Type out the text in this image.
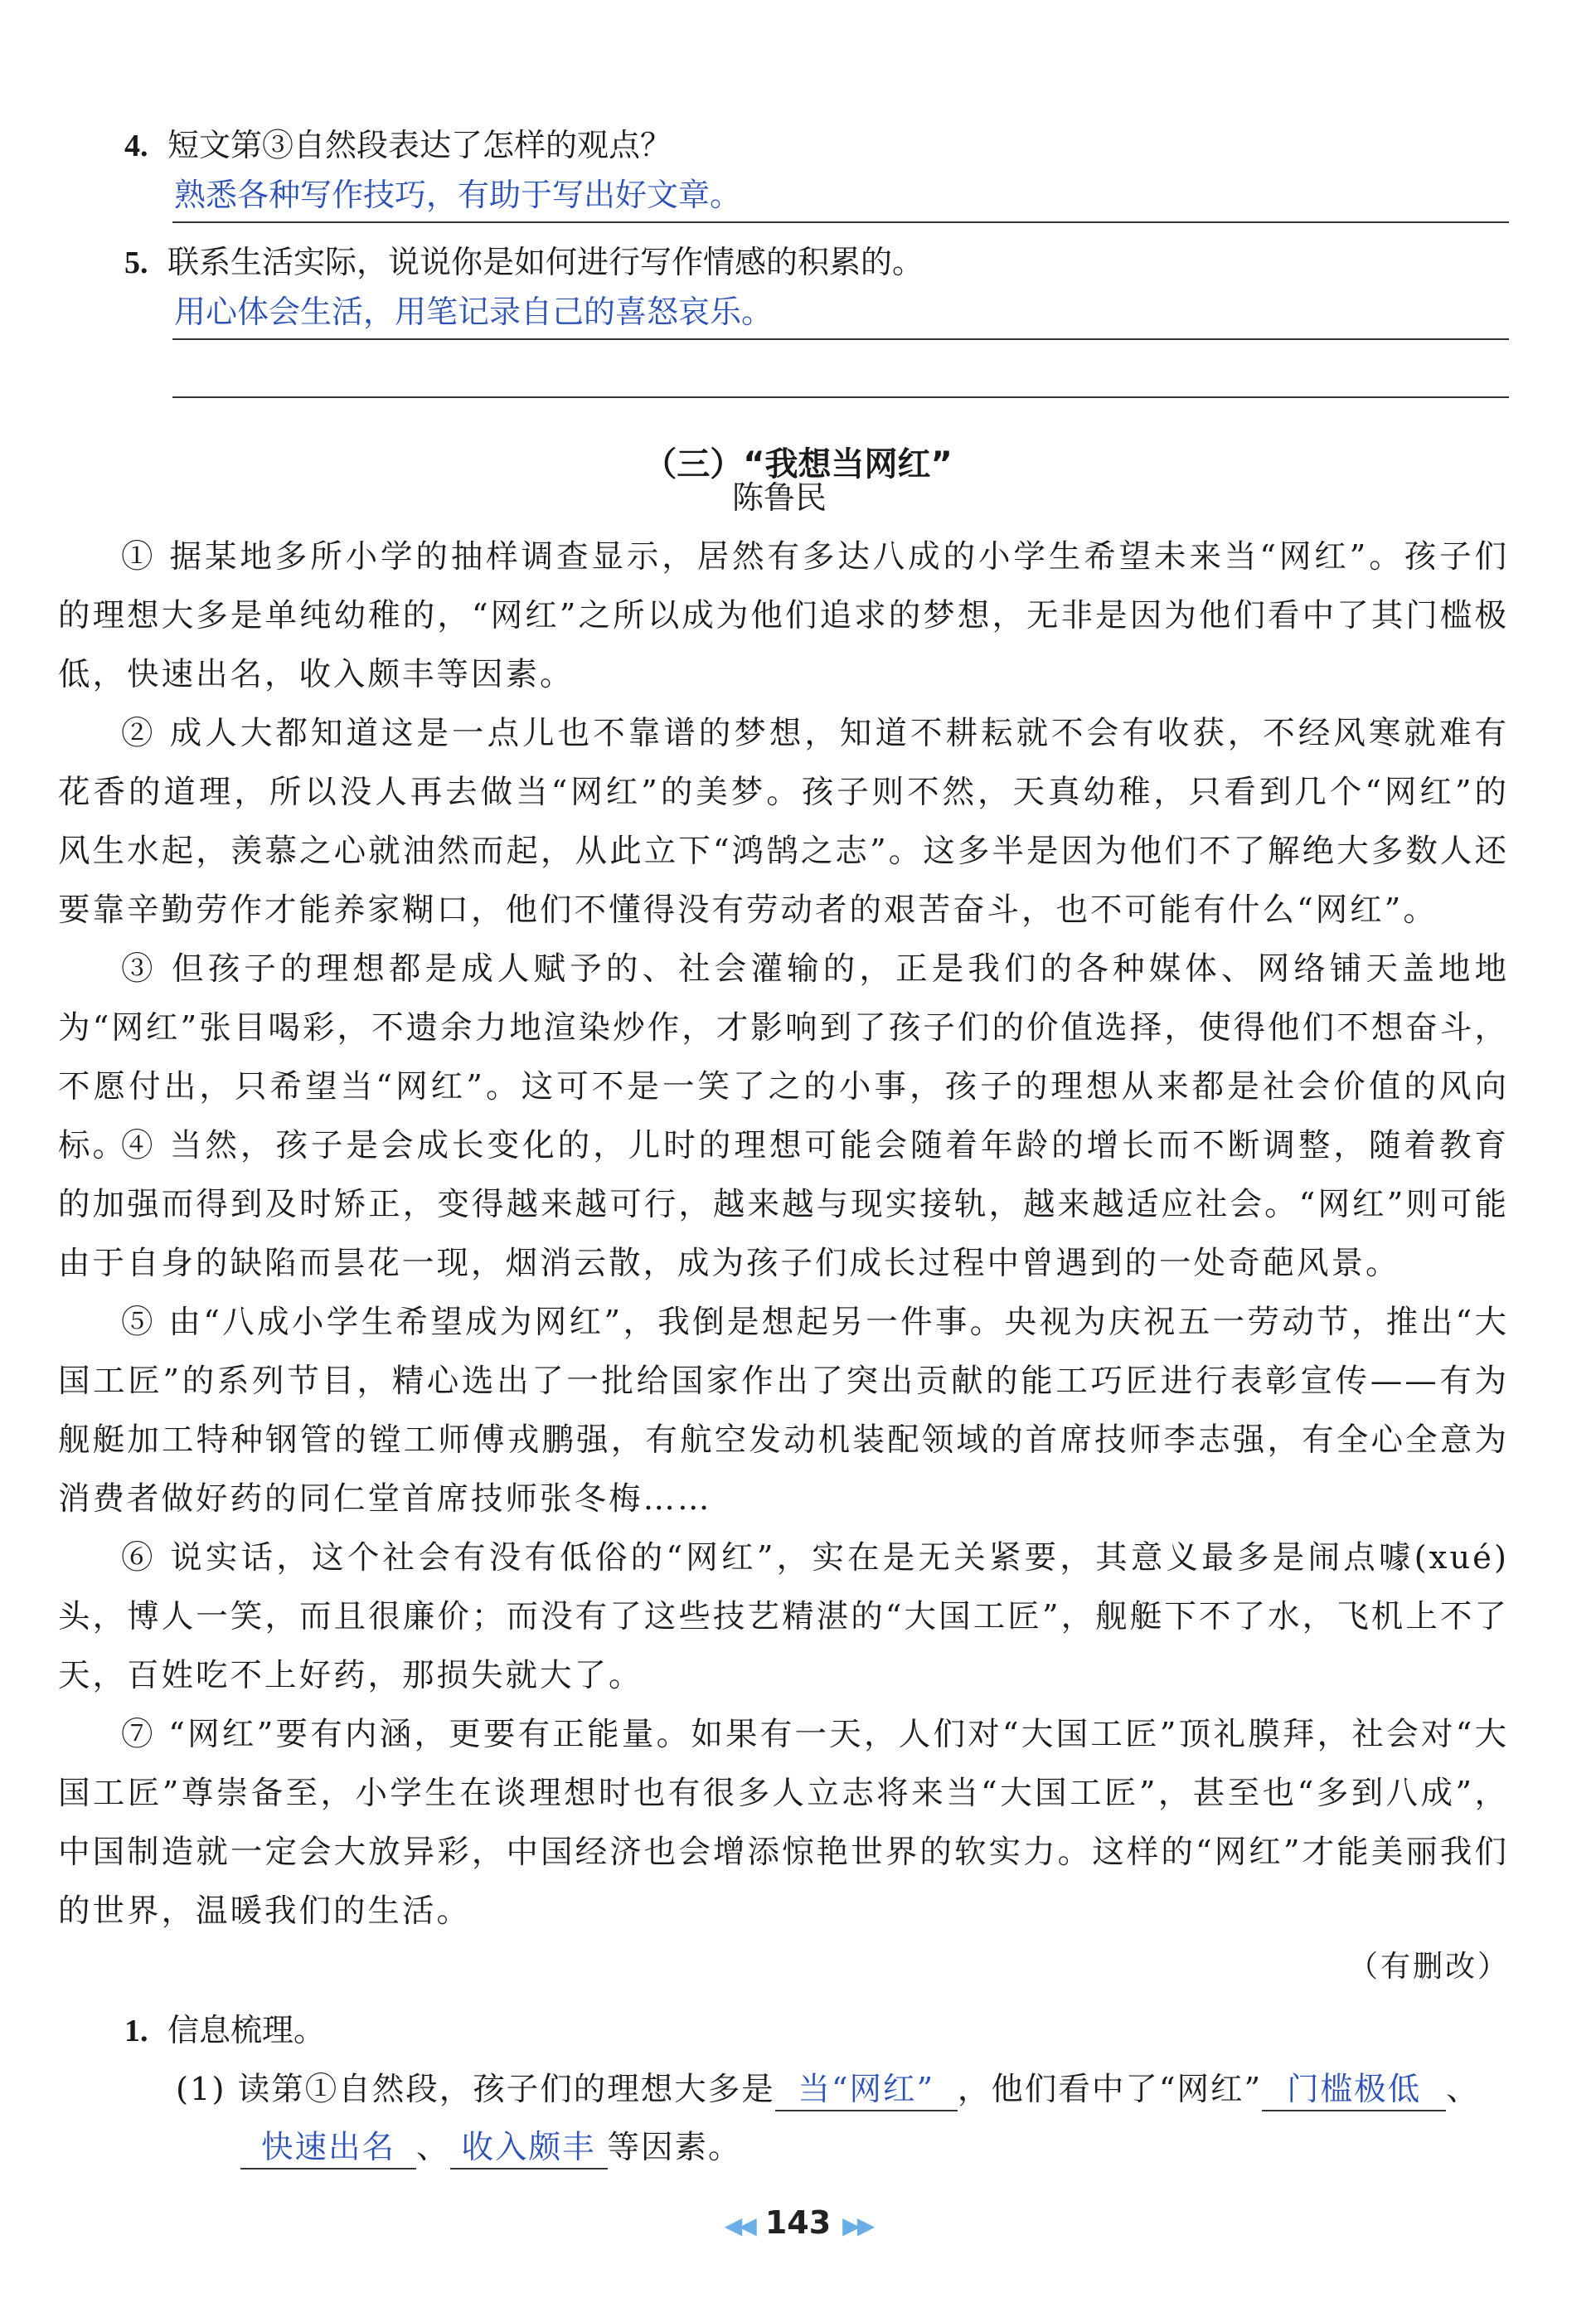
4. 短文第③自然段表达了怎样的观点？
熟悉各种写作技巧，有助于写出好文章。
5. 联系生活实际，说说你是如何进行写作情感的积累的。
用心体会生活，用笔记录自己的喜怒哀乐。
（三）“我想当网红”
陈鲁民
① 据某地多所小学的抽样调查显示，居然有多达八成的小学生希望未来当“网红”。孩子们的理想大多是单纯幼稚的，“网红”之所以成为他们追求的梦想，无非是因为他们看中了其门槛极低，快速出名，收入颇丰等因素。
② 成人大都知道这是一点儿也不靠谱的梦想，知道不耕耘就不会有收获，不经风寒就难有花香的道理，所以没人再去做当“网红”的美梦。孩子则不然，天真幼稚，只看到几个“网红”的风生水起，羡慕之心就油然而起，从此立下“鸿鹄之志”。这多半是因为他们不了解绝大多数人还要靠辛勤劳作才能养家糊口，他们不懂得没有劳动者的艰苦奋斗，也不可能有什么“网红”。
③ 但孩子的理想都是成人赋予的、社会灌输的，正是我们的各种媒体、网络铺天盖地地为“网红”张目喝彩，不遗余力地渲染炒作，才影响到了孩子们的价值选择，使得他们不想奋斗，不愿付出，只希望当“网红”。这可不是一笑了之的小事，孩子的理想从来都是社会价值的风向标。
④ 当然，孩子是会成长变化的，儿时的理想可能会随着年龄的增长而不断调整，随着教育的加强而得到及时矫正，变得越来越可行，越来越与现实接轨，越来越适应社会。“网红”则可能由于自身的缺陷而昙花一现，烟消云散，成为孩子们成长过程中曾遇到的一处奇葩风景。
⑤ 由“八成小学生希望成为网红”，我倒是想起另一件事。央视为庆祝五一劳动节，推出“大国工匠”的系列节目，精心选出了一批给国家作出了突出贡献的能工巧匠进行表彰宣传——有为舰艇加工特种钢管的镗工师傅戎鹏强，有航空发动机装配领域的首席技师李志强，有全心全意为消费者做好药的同仁堂首席技师张冬梅……
⑥ 说实话，这个社会有没有低俗的“网红”，实在是无关紧要，其意义最多是闹点噱(xué)头，博人一笑，而且很廉价；而没有了这些技艺精湛的“大国工匠”，舰艇下不了水，飞机上不了天，百姓吃不上好药，那损失就大了。
⑦ “网红”要有内涵，更要有正能量。如果有一天，人们对“大国工匠”顶礼膜拜，社会对“大国工匠”尊崇备至，小学生在谈理想时也有很多人立志将来当“大国工匠”，甚至也“多到八成”，中国制造就一定会大放异彩，中国经济也会增添惊艳世界的软实力。这样的“网红”才能美丽我们的世界，温暖我们的生活。
（有删改）
1. 信息梳理。
(1) 读第①自然段，孩子们的理想大多是 当“网红” ，他们看中了“网红” 门槛极低 、
快速出名 、 收入颇丰 等因素。
◀◀ 143 ▶▶
